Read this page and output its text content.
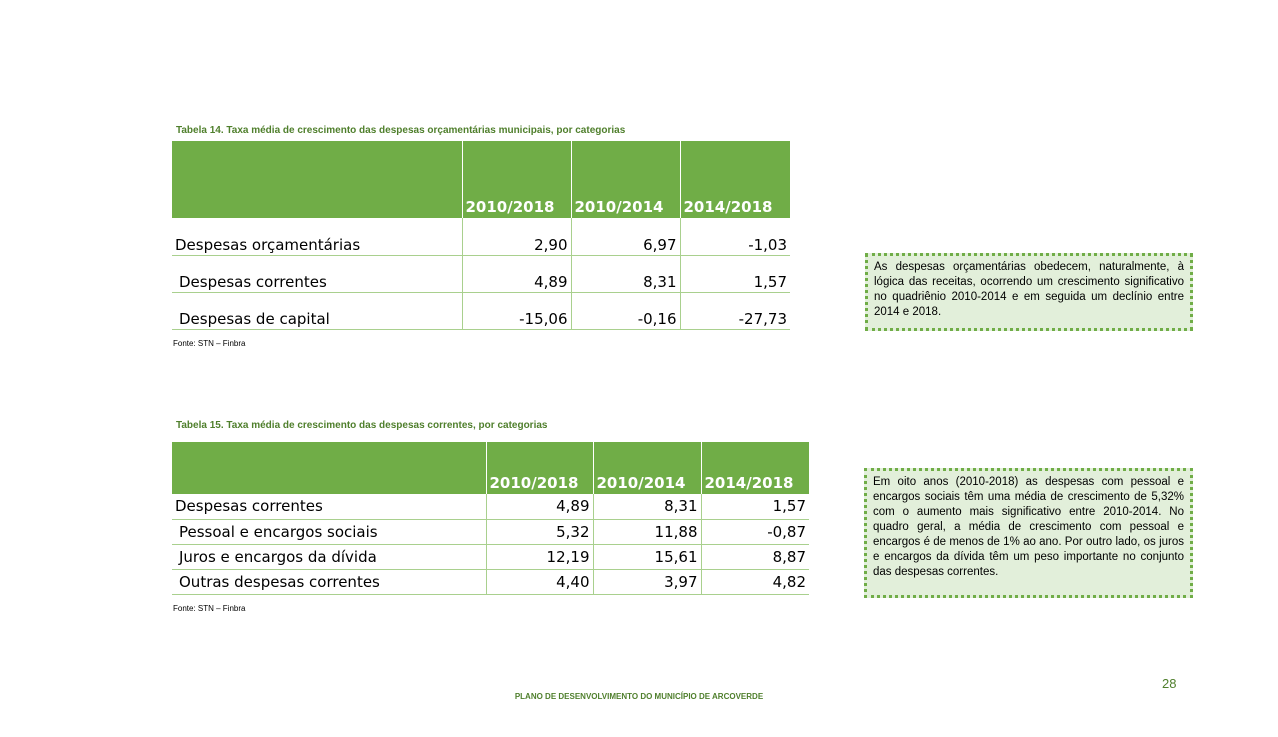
Tabela 14. Taxa média de crescimento das despesas orçamentárias municipais, por categorias
	2010/2018	2010/2014	2014/2018
Despesas orçamentárias	2,90	6,97	-1,03
Despesas correntes	4,89	8,31	1,57
Despesas de capital	-15,06	-0,16	-27,73
Fonte: STN – Finbra
As despesas orçamentárias obedecem, naturalmente, à lógica das receitas, ocorrendo um crescimento significativo no quadriênio 2010-2014 e em seguida um declínio entre 2014 e 2018.
Tabela 15. Taxa média de crescimento das despesas correntes, por categorias
	2010/2018	2010/2014	2014/2018
Despesas correntes	4,89	8,31	1,57
Pessoal e encargos sociais	5,32	11,88	-0,87
Juros e encargos da dívida	12,19	15,61	8,87
Outras despesas correntes	4,40	3,97	4,82
Fonte: STN – Finbra
Em oito anos (2010-2018) as despesas com pessoal e encargos sociais têm uma média de crescimento de 5,32% com o aumento mais significativo entre 2010-2014. No quadro geral, a média de crescimento com pessoal e encargos é de menos de 1% ao ano. Por outro lado, os juros e encargos da dívida têm um peso importante no conjunto das despesas correntes.
28
PLANO DE DESENVOLVIMENTO DO MUNICÍPIO DE ARCOVERDE
